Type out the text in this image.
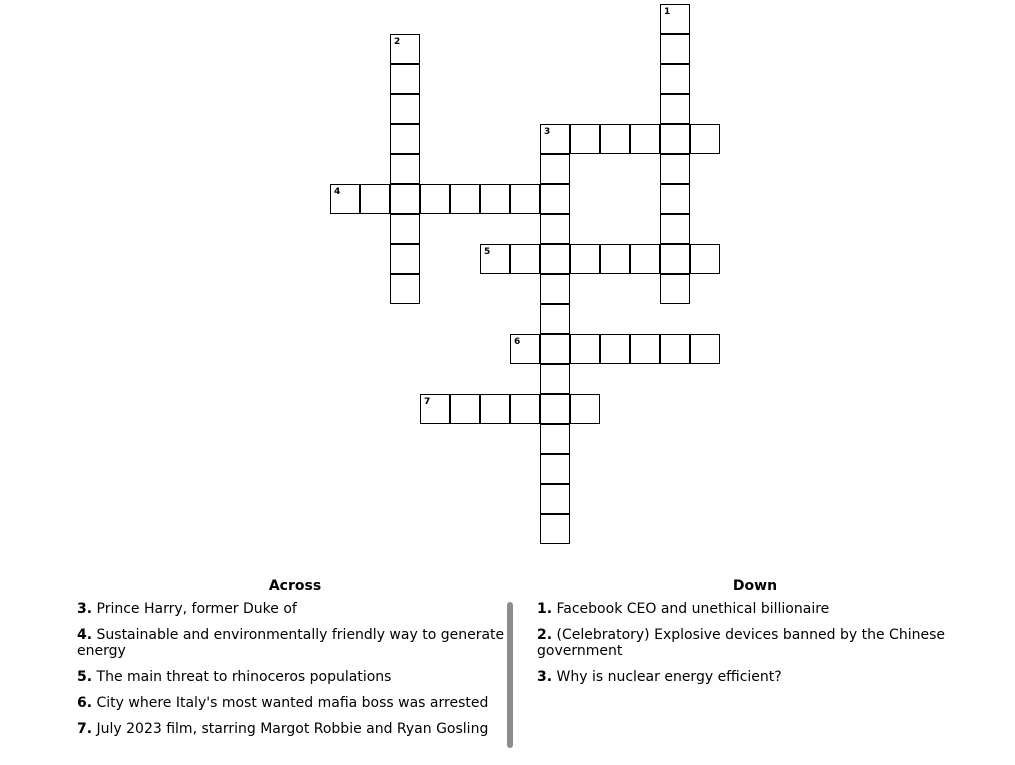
1
2
3
4
5
6
7
Across	Down
3. Prince Harry, former Duke of
4. Sustainable and environmentally friendly way to generate energy
5. The main threat to rhinoceros populations
6. City where Italy's most wanted mafia boss was arrested
7. July 2023 film, starring Margot Robbie and Ryan Gosling
1. Facebook CEO and unethical billionaire
2. (Celebratory) Explosive devices banned by the Chinese government
3. Why is nuclear energy efficient?
